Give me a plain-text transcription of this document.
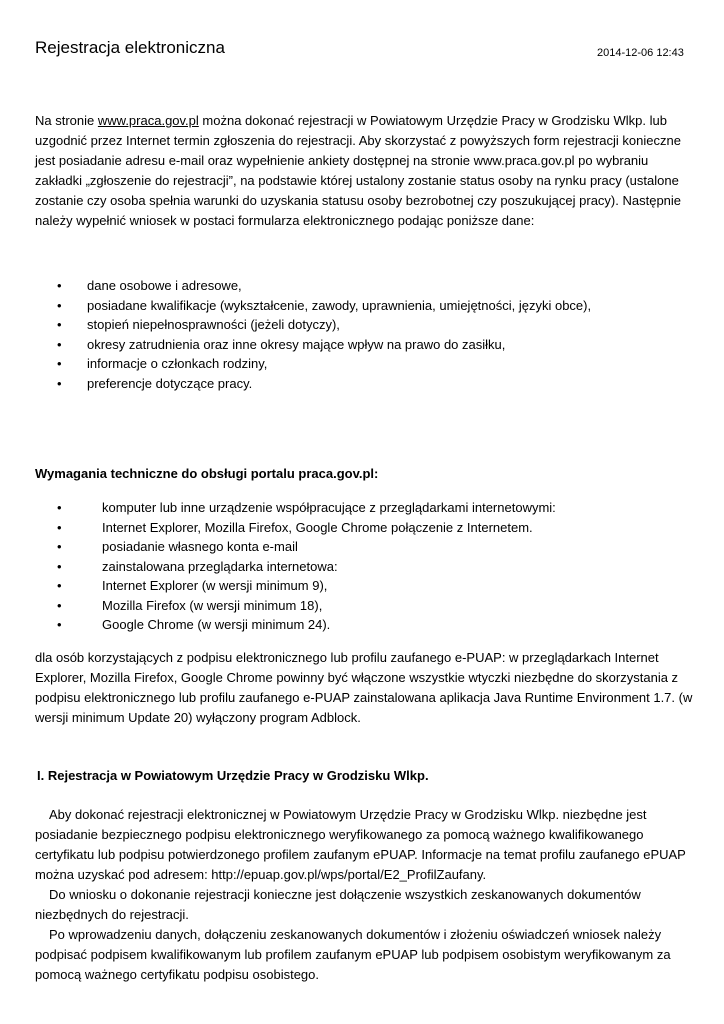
Rejestracja elektroniczna	2014-12-06 12:43

Na stronie www.praca.gov.pl można dokonać rejestracji w Powiatowym Urzędzie Pracy w Grodzisku Wlkp. lub uzgodnić przez Internet termin zgłoszenia do rejestracji. Aby skorzystać z powyższych form rejestracji konieczne jest posiadanie adresu e-mail oraz wypełnienie ankiety dostępnej na stronie www.praca.gov.pl po wybraniu zakładki „zgłoszenie do rejestracji”, na podstawie której ustalony zostanie status osoby na rynku pracy (ustalone zostanie czy osoba spełnia warunki do uzyskania statusu osoby bezrobotnej czy poszukującej pracy). Następnie należy wypełnić wniosek w postaci formularza elektronicznego podając poniższe dane:

• dane osobowe i adresowe,
• posiadane kwalifikacje (wykształcenie, zawody, uprawnienia, umiejętności, języki obce),
• stopień niepełnosprawności (jeżeli dotyczy),
• okresy zatrudnienia oraz inne okresy mające wpływ na prawo do zasiłku,
• informacje o członkach rodziny,
• preferencje dotyczące pracy.
Wymagania techniczne do obsługi portalu praca.gov.pl:
•	komputer lub inne urządzenie współpracujące z przeglądarkami internetowymi:
•	Internet Explorer, Mozilla Firefox, Google Chrome połączenie z Internetem.
•	posiadanie własnego konta e-mail
•	zainstalowana przeglądarka internetowa:
•	Internet Explorer (w wersji minimum 9),
•	Mozilla Firefox (w wersji minimum 18),
•	Google Chrome (w wersji minimum 24).

dla osób korzystających z podpisu elektronicznego lub profilu zaufanego e-PUAP: w przeglądarkach Internet Explorer, Mozilla Firefox, Google Chrome powinny być włączone wszystkie wtyczki niezbędne do skorzystania z podpisu elektronicznego lub profilu zaufanego e-PUAP zainstalowana aplikacja Java Runtime Environment 1.7. (w wersji minimum Update 20) wyłączony program Adblock.

I. Rejestracja w Powiatowym Urzędzie Pracy w Grodzisku Wlkp.
Aby dokonać rejestracji elektronicznej w Powiatowym Urzędzie Pracy w Grodzisku Wlkp. niezbędne jest posiadanie bezpiecznego podpisu elektronicznego weryfikowanego za pomocą ważnego kwalifikowanego certyfikatu lub podpisu potwierdzonego profilem zaufanym ePUAP. Informacje na temat profilu zaufanego ePUAP można uzyskać pod adresem: http://epuap.gov.pl/wps/portal/E2_ProfilZaufany.
Do wniosku o dokonanie rejestracji konieczne jest dołączenie wszystkich zeskanowanych dokumentów niezbędnych do rejestracji.
Po wprowadzeniu danych, dołączeniu zeskanowanych dokumentów i złożeniu oświadczeń wniosek należy podpisać podpisem kwalifikowanym lub profilem zaufanym ePUAP lub podpisem osobistym weryfikowanym za pomocą ważnego certyfikatu podpisu osobistego.
